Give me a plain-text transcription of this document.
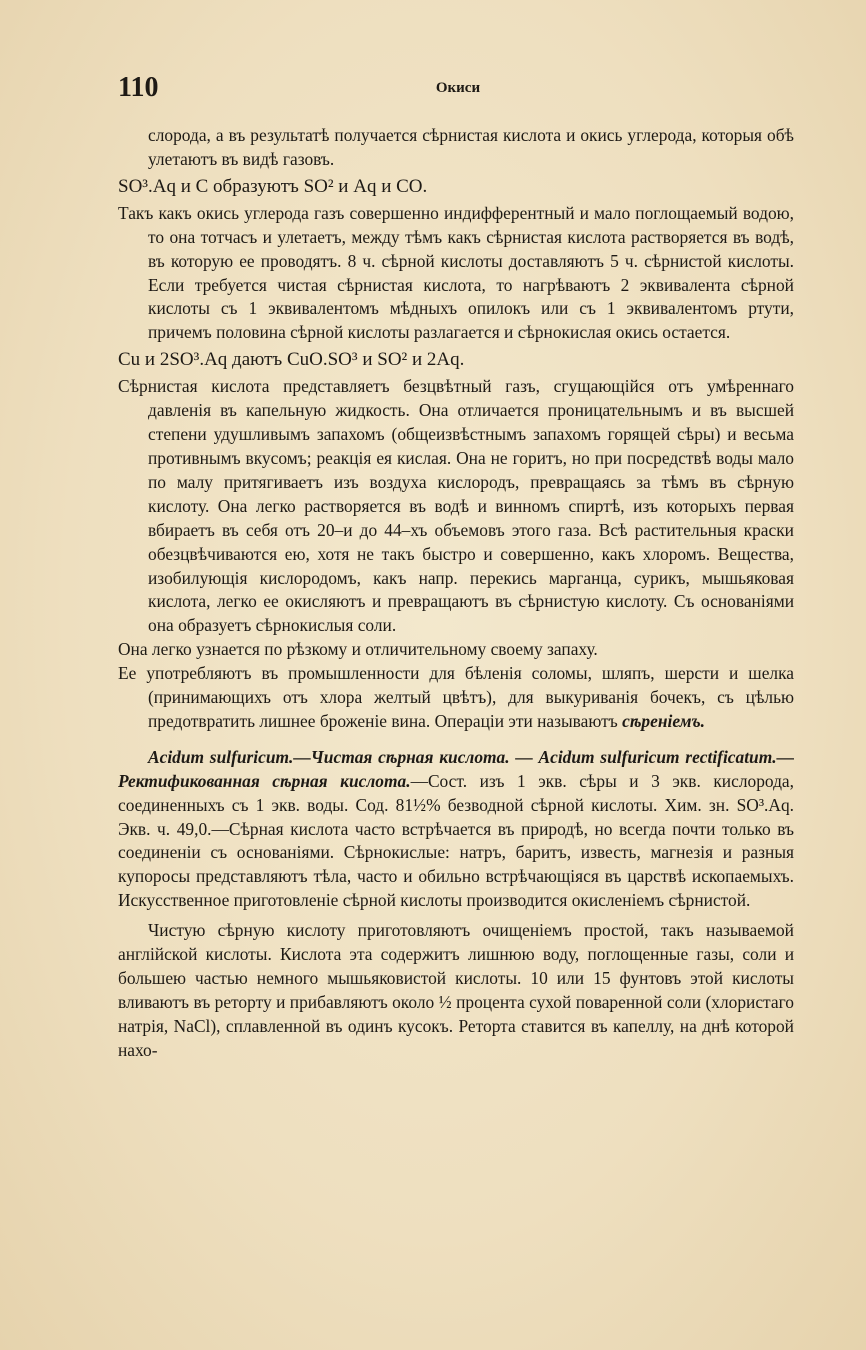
110	Окиси

слорода, а въ результатѣ получается сѣрнистая кислота и окись углерода, которыя обѣ улетаютъ въ видѣ газовъ.

SO³.Aq и C образуютъ SO² и Aq и CO.

Такъ какъ окись углерода газъ совершенно индифферентный и мало поглощаемый водою, то она тотчасъ и улетаетъ, между тѣмъ какъ сѣрнистая кислота растворяется въ водѣ, въ которую ее проводятъ. 8 ч. сѣрной кислоты доставляютъ 5 ч. сѣрнистой кислоты. Если требуется чистая сѣрнистая кислота, то нагрѣваютъ 2 эквивалента сѣрной кислоты съ 1 эквивалентомъ мѣдныхъ опилокъ или съ 1 эквивалентомъ ртути, причемъ половина сѣрной кислоты разлагается и сѣрнокислая окись остается.

Cu и 2SO³.Aq даютъ CuO.SO³ и SO² и 2Aq.

Сѣрнистая кислота представляетъ безцвѣтный газъ, сгущающійся отъ умѣреннаго давленія въ капельную жидкость. Она отличается проницательнымъ и въ высшей степени удушливымъ запахомъ (общеизвѣстнымъ запахомъ горящей сѣры) и весьма противнымъ вкусомъ; реакція ея кислая. Она не горитъ, но при посредствѣ воды мало по малу притягиваетъ изъ воздуха кислородъ, превращаясь за тѣмъ въ сѣрную кислоту. Она легко растворяется въ водѣ и винномъ спиртѣ, изъ которыхъ первая вбираетъ въ себя отъ 20–и до 44–хъ объемовъ этого газа. Всѣ растительныя краски обезцвѣчиваются ею, хотя не такъ быстро и совершенно, какъ хлоромъ. Вещества, изобилующія кислородомъ, какъ напр. перекись марганца, сурикъ, мышьяковая кислота, легко ее окисляютъ и превращаютъ въ сѣрнистую кислоту. Съ основаніями она образуетъ сѣрнокислыя соли.

Она легко узнается по рѣзкому и отличительному своему запаху.

Ее употребляютъ въ промышленности для бѣленія соломы, шляпъ, шерсти и шелка (принимающихъ отъ хлора желтый цвѣтъ), для выкуриванія бочекъ, съ цѣлью предотвратить лишнее броженіе вина. Операціи эти называютъ сѣреніемъ.

Acidum sulfuricum.—Чистая сѣрная кислота. — Acidum sulfuricum rectificatum.—Ректификованная сѣрная кислота.—Сост. изъ 1 экв. сѣры и 3 экв. кислорода, соединенныхъ съ 1 экв. воды. Сод. 81½% безводной сѣрной кислоты. Хим. зн. SO³.Aq. Экв. ч. 49,0.—Сѣрная кислота часто встрѣчается въ природѣ, но всегда почти только въ соединеніи съ основаніями. Сѣрнокислые: натръ, баритъ, известь, магнезія и разныя купоросы представляютъ тѣла, часто и обильно встрѣчающіяся въ царствѣ ископаемыхъ. Искусственное приготовленіе сѣрной кислоты производится окисленіемъ сѣрнистой.

Чистую сѣрную кислоту приготовляютъ очищеніемъ простой, такъ называемой англійской кислоты. Кислота эта содержитъ лишнюю воду, поглощенные газы, соли и большею частью немного мышьяковистой кислоты. 10 или 15 фунтовъ этой кислоты вливаютъ въ реторту и прибавляютъ около ½ процента сухой поваренной соли (хлористаго натрія, NaCl), сплавленной въ одинъ кусокъ. Реторта ставится въ капеллу, на днѣ которой нахо-
